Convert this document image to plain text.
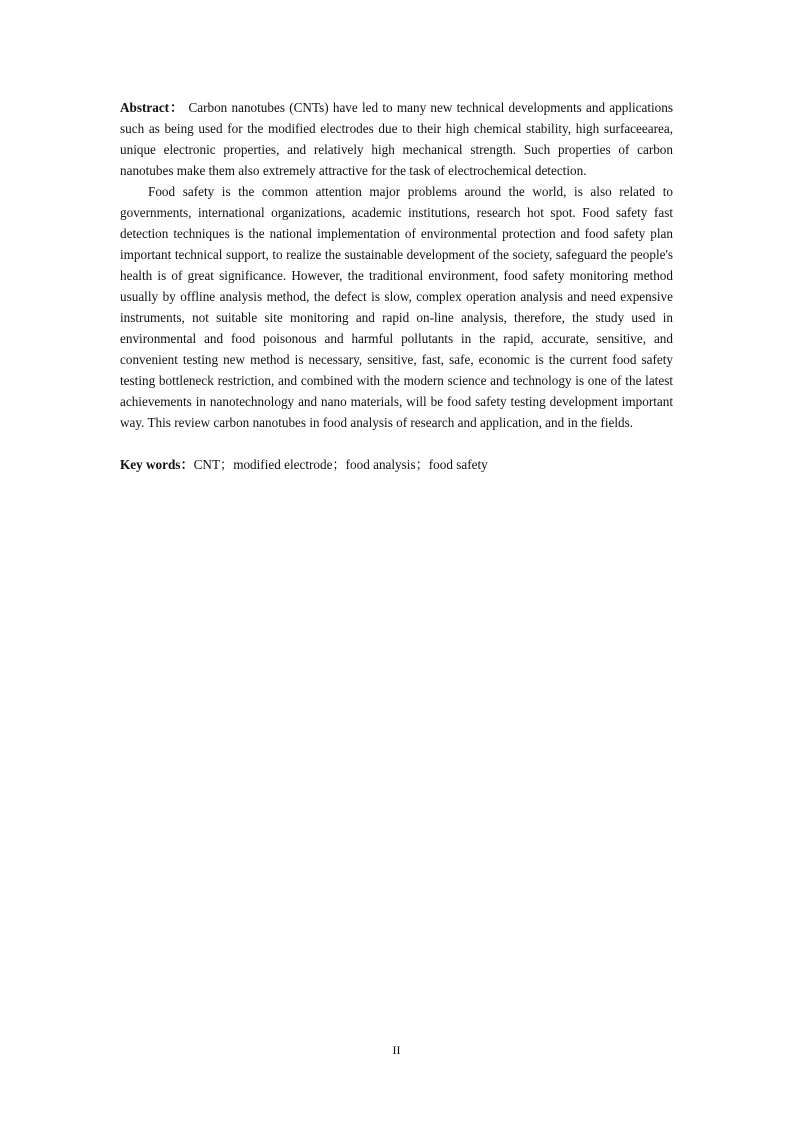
Abstract： Carbon nanotubes (CNTs) have led to many new technical developments and applications such as being used for the modified electrodes due to their high chemical stability, high surfaceearea, unique electronic properties, and relatively high mechanical strength. Such properties of carbon nanotubes make them also extremely attractive for the task of electrochemical detection.

Food safety is the common attention major problems around the world, is also related to governments, international organizations, academic institutions, research hot spot. Food safety fast detection techniques is the national implementation of environmental protection and food safety plan important technical support, to realize the sustainable development of the society, safeguard the people's health is of great significance. However, the traditional environment, food safety monitoring method usually by offline analysis method, the defect is slow, complex operation analysis and need expensive instruments, not suitable site monitoring and rapid on-line analysis, therefore, the study used in environmental and food poisonous and harmful pollutants in the rapid, accurate, sensitive, and convenient testing new method is necessary, sensitive, fast, safe, economic is the current food safety testing bottleneck restriction, and combined with the modern science and technology is one of the latest achievements in nanotechnology and nano materials, will be food safety testing development important way. This review carbon nanotubes in food analysis of research and application, and in the fields.

Key words：CNT；modified electrode；food analysis；food safety

II
